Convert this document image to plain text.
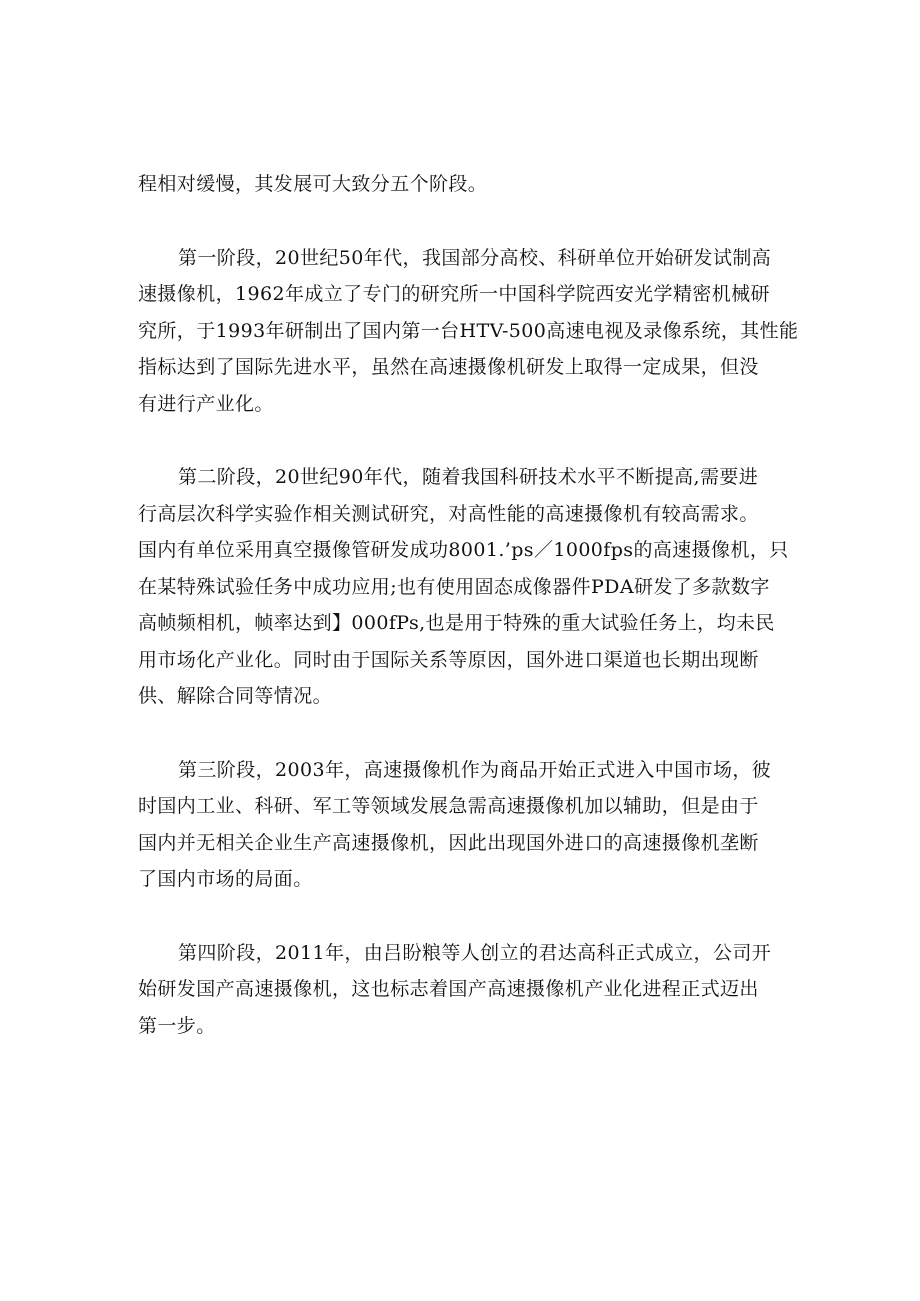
程相对缓慢，其发展可大致分五个阶段。

第一阶段，20世纪50年代，我国部分高校、科研单位开始研发试制高
速摄像机，1962年成立了专门的研究所一中国科学院西安光学精密机械研
究所，于1993年研制出了国内第一台HTV-500高速电视及录像系统，其性能
指标达到了国际先进水平，虽然在高速摄像机研发上取得一定成果，但没
有进行产业化。

第二阶段，20世纪90年代，随着我国科研技术水平不断提高,需要进
行高层次科学实验作相关测试研究，对高性能的高速摄像机有较高需求。
国内有单位采用真空摄像管研发成功8001.’ps／1000fps的高速摄像机，只
在某特殊试验任务中成功应用;也有使用固态成像器件PDA研发了多款数字
高帧频相机，帧率达到】000fPs,也是用于特殊的重大试验任务上，均未民
用市场化产业化。同时由于国际关系等原因，国外进口渠道也长期出现断
供、解除合同等情况。

第三阶段，2003年，高速摄像机作为商品开始正式进入中国市场，彼
时国内工业、科研、军工等领域发展急需高速摄像机加以辅助，但是由于
国内并无相关企业生产高速摄像机，因此出现国外进口的高速摄像机垄断
了国内市场的局面。

第四阶段，2011年，由吕盼粮等人创立的君达高科正式成立，公司开
始研发国产高速摄像机，这也标志着国产高速摄像机产业化进程正式迈出
第一步。
